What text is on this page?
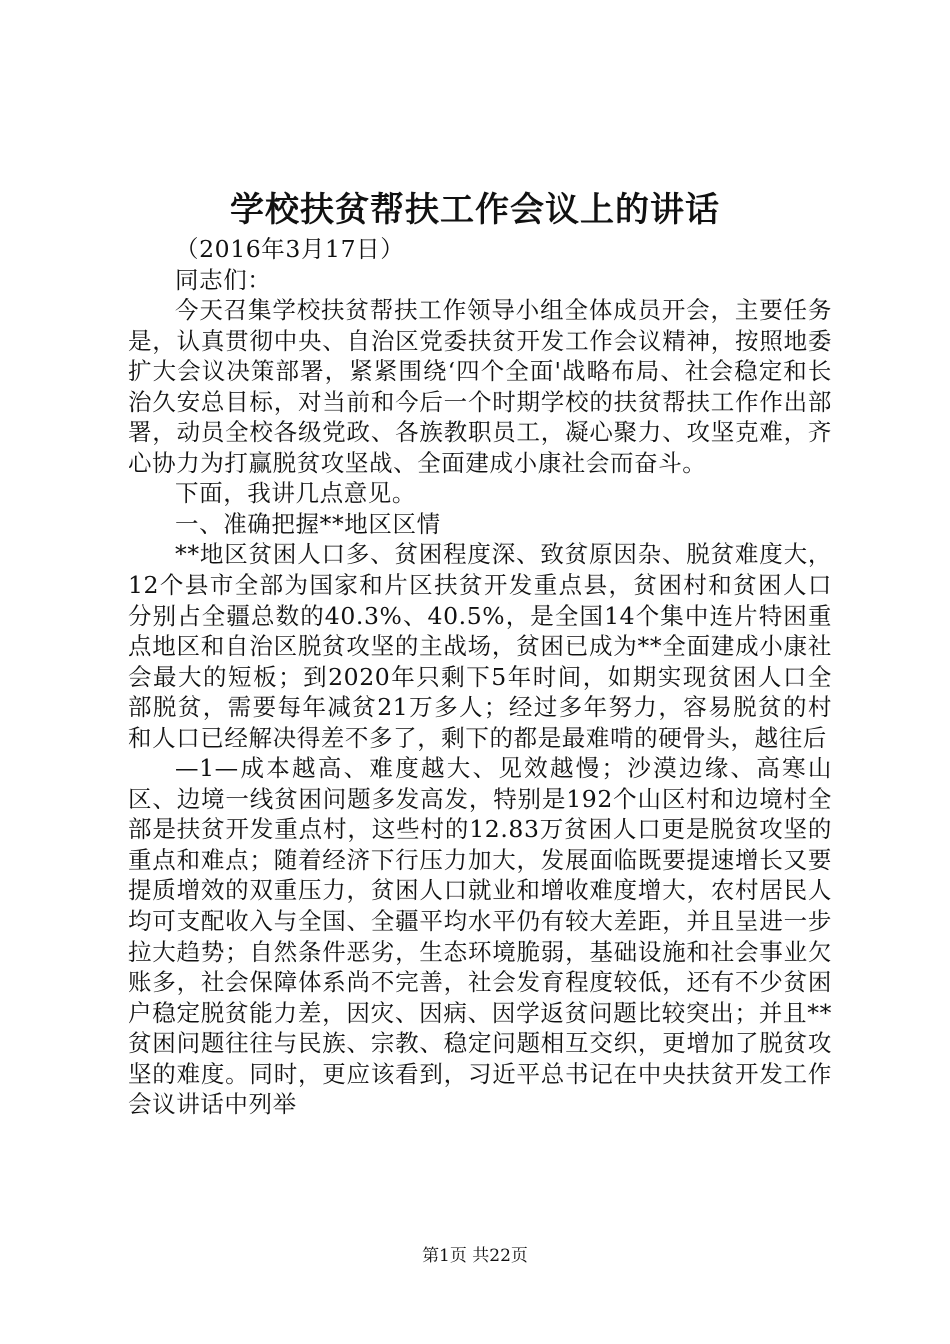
学校扶贫帮扶工作会议上的讲话

（2016年3月17日）

同志们：

今天召集学校扶贫帮扶工作领导小组全体成员开会，主要任务是，认真贯彻中央、自治区党委扶贫开发工作会议精神，按照地委扩大会议决策部署，紧紧围绕‘四个全面'战略布局、社会稳定和长治久安总目标，对当前和今后一个时期学校的扶贫帮扶工作作出部署，动员全校各级党政、各族教职员工，凝心聚力、攻坚克难，齐心协力为打赢脱贫攻坚战、全面建成小康社会而奋斗。

下面，我讲几点意见。

一、准确把握**地区区情

**地区贫困人口多、贫困程度深、致贫原因杂、脱贫难度大，12个县市全部为国家和片区扶贫开发重点县，贫困村和贫困人口分别占全疆总数的40.3%、40.5%，是全国14个集中连片特困重点地区和自治区脱贫攻坚的主战场，贫困已成为**全面建成小康社会最大的短板；到2020年只剩下5年时间，如期实现贫困人口全部脱贫，需要每年减贫21万多人；经过多年努力，容易脱贫的村和人口已经解决得差不多了，剩下的都是最难啃的硬骨头，越往后

—1—成本越高、难度越大、见效越慢；沙漠边缘、高寒山区、边境一线贫困问题多发高发，特别是192个山区村和边境村全部是扶贫开发重点村，这些村的12.83万贫困人口更是脱贫攻坚的重点和难点；随着经济下行压力加大，发展面临既要提速增长又要提质增效的双重压力，贫困人口就业和增收难度增大，农村居民人均可支配收入与全国、全疆平均水平仍有较大差距，并且呈进一步拉大趋势；自然条件恶劣，生态环境脆弱，基础设施和社会事业欠账多，社会保障体系尚不完善，社会发育程度较低，还有不少贫困户稳定脱贫能力差，因灾、因病、因学返贫问题比较突出；并且**贫困问题往往与民族、宗教、稳定问题相互交织，更增加了脱贫攻坚的难度。同时，更应该看到，习近平总书记在中央扶贫开发工作会议讲话中列举

第1页 共22页
